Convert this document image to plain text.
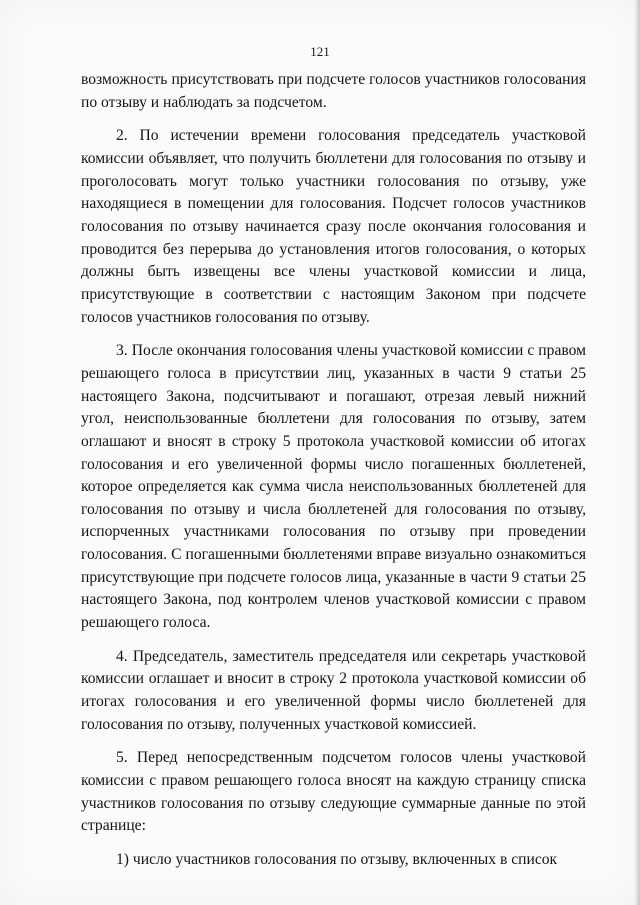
121

возможность присутствовать при подсчете голосов участников голосования по отзыву и наблюдать за подсчетом.

2. По истечении времени голосования председатель участковой комиссии объявляет, что получить бюллетени для голосования по отзыву и проголосовать могут только участники голосования по отзыву, уже находящиеся в помещении для голосования. Подсчет голосов участников голосования по отзыву начинается сразу после окончания голосования и проводится без перерыва до установления итогов голосования, о которых должны быть извещены все члены участковой комиссии и лица, присутствующие в соответствии с настоящим Законом при подсчете голосов участников голосования по отзыву.

3. После окончания голосования члены участковой комиссии с правом решающего голоса в присутствии лиц, указанных в части 9 статьи 25 настоящего Закона, подсчитывают и погашают, отрезая левый нижний угол, неиспользованные бюллетени для голосования по отзыву, затем оглашают и вносят в строку 5 протокола участковой комиссии об итогах голосования и его увеличенной формы число погашенных бюллетеней, которое определяется как сумма числа неиспользованных бюллетеней для голосования по отзыву и числа бюллетеней для голосования по отзыву, испорченных участниками голосования по отзыву при проведении голосования. С погашенными бюллетенями вправе визуально ознакомиться присутствующие при подсчете голосов лица, указанные в части 9 статьи 25 настоящего Закона, под контролем членов участковой комиссии с правом решающего голоса.

4. Председатель, заместитель председателя или секретарь участковой комиссии оглашает и вносит в строку 2 протокола участковой комиссии об итогах голосования и его увеличенной формы число бюллетеней для голосования по отзыву, полученных участковой комиссией.

5. Перед непосредственным подсчетом голосов члены участковой комиссии с правом решающего голоса вносят на каждую страницу списка участников голосования по отзыву следующие суммарные данные по этой странице:

1) число участников голосования по отзыву, включенных в список
